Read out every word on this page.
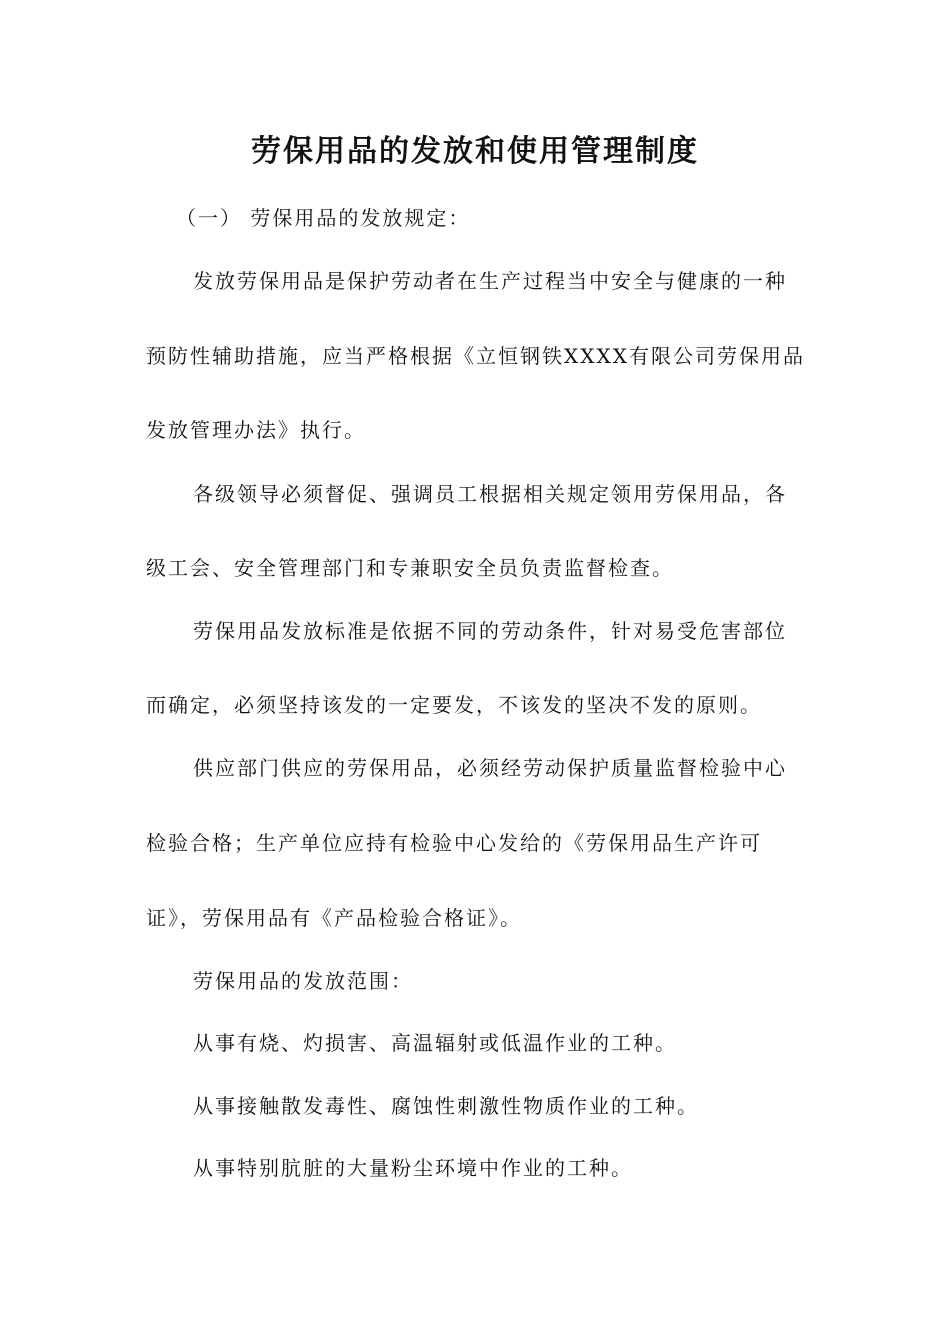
劳保用品的发放和使用管理制度
（一） 劳保用品的发放规定：
发放劳保用品是保护劳动者在生产过程当中安全与健康的一种
预防性辅助措施，应当严格根据《立恒钢铁XXXX有限公司劳保用品
发放管理办法》执行。
各级领导必须督促、强调员工根据相关规定领用劳保用品，各
级工会、安全管理部门和专兼职安全员负责监督检查。
劳保用品发放标准是依据不同的劳动条件，针对易受危害部位
而确定，必须坚持该发的一定要发，不该发的坚决不发的原则。
供应部门供应的劳保用品，必须经劳动保护质量监督检验中心
检验合格；生产单位应持有检验中心发给的《劳保用品生产许可
证》，劳保用品有《产品检验合格证》。
劳保用品的发放范围：
从事有烧、灼损害、高温辐射或低温作业的工种。
从事接触散发毒性、腐蚀性刺激性物质作业的工种。
从事特别肮脏的大量粉尘环境中作业的工种。
